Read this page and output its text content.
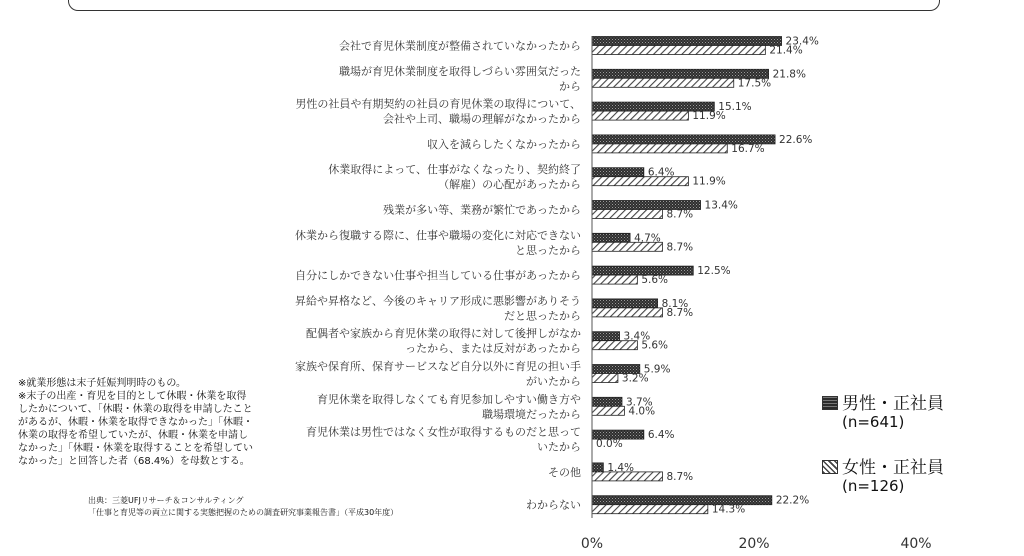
会社で育児休業制度が整備されていなかったから
職場が育児休業制度を取得しづらい雰囲気だった
から
男性の社員や有期契約の社員の育児休業の取得について、
会社や上司、職場の理解がなかったから
収入を減らしたくなかったから
休業取得によって、仕事がなくなったり、契約終了
（解雇）の心配があったから
残業が多い等、業務が繁忙であったから
休業から復職する際に、仕事や職場の変化に対応できない
と思ったから
自分にしかできない仕事や担当している仕事があったから
昇給や昇格など、今後のキャリア形成に悪影響がありそう
だと思ったから
配偶者や家族から育児休業の取得に対して後押しがなか
ったから、または反対があったから
家族や保育所、保育サービスなど自分以外に育児の担い手
がいたから
育児休業を取得しなくても育児参加しやすい働き方や
職場環境だったから
育児休業は男性ではなく女性が取得するものだと思って
いたから
その他
わからない
23.4%
21.4%
21.8%
17.5%
15.1%
11.9%
22.6%
16.7%
6.4%
11.9%
13.4%
8.7%
4.7%
8.7%
12.5%
5.6%
8.1%
8.7%
3.4%
5.6%
5.9%
3.2%
3.7%
4.0%
6.4%
0.0%
1.4%
8.7%
22.2%
14.3%
0%	20%	40%
※就業形態は末子妊娠判明時のもの。
※末子の出産・育児を目的として休暇・休業を取得
したかについて、「休暇・休業の取得を申請したこと
があるが、休暇・休業を取得できなかった」「休暇・
休業の取得を希望していたが、休暇・休業を申請し
なかった」「休暇・休業を取得することを希望してい
なかった」と回答した者（68.4%）を母数とする。
出典：三菱UFJリサーチ＆コンサルティング
「仕事と育児等の両立に関する実態把握のための調査研究事業報告書」（平成30年度）
男性・正社員
(n=641)
女性・正社員
(n=126)
